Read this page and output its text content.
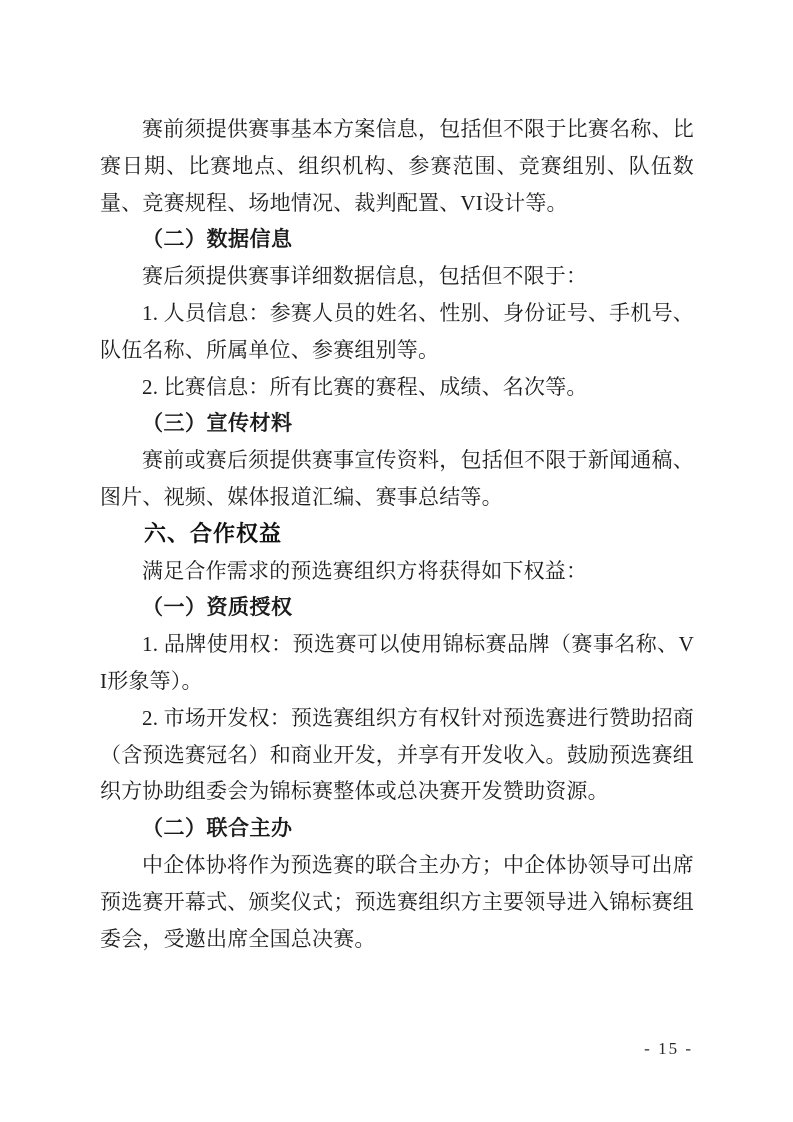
赛前须提供赛事基本方案信息，包括但不限于比赛名称、比赛日期、比赛地点、组织机构、参赛范围、竞赛组别、队伍数量、竞赛规程、场地情况、裁判配置、VI设计等。

（二）数据信息

赛后须提供赛事详细数据信息，包括但不限于：

1. 人员信息：参赛人员的姓名、性别、身份证号、手机号、队伍名称、所属单位、参赛组别等。

2. 比赛信息：所有比赛的赛程、成绩、名次等。

（三）宣传材料

赛前或赛后须提供赛事宣传资料，包括但不限于新闻通稿、图片、视频、媒体报道汇编、赛事总结等。

六、合作权益

满足合作需求的预选赛组织方将获得如下权益：

（一）资质授权

1. 品牌使用权：预选赛可以使用锦标赛品牌（赛事名称、VI形象等）。

2. 市场开发权：预选赛组织方有权针对预选赛进行赞助招商（含预选赛冠名）和商业开发，并享有开发收入。鼓励预选赛组织方协助组委会为锦标赛整体或总决赛开发赞助资源。

（二）联合主办

中企体协将作为预选赛的联合主办方；中企体协领导可出席预选赛开幕式、颁奖仪式；预选赛组织方主要领导进入锦标赛组委会，受邀出席全国总决赛。

- 15 -
